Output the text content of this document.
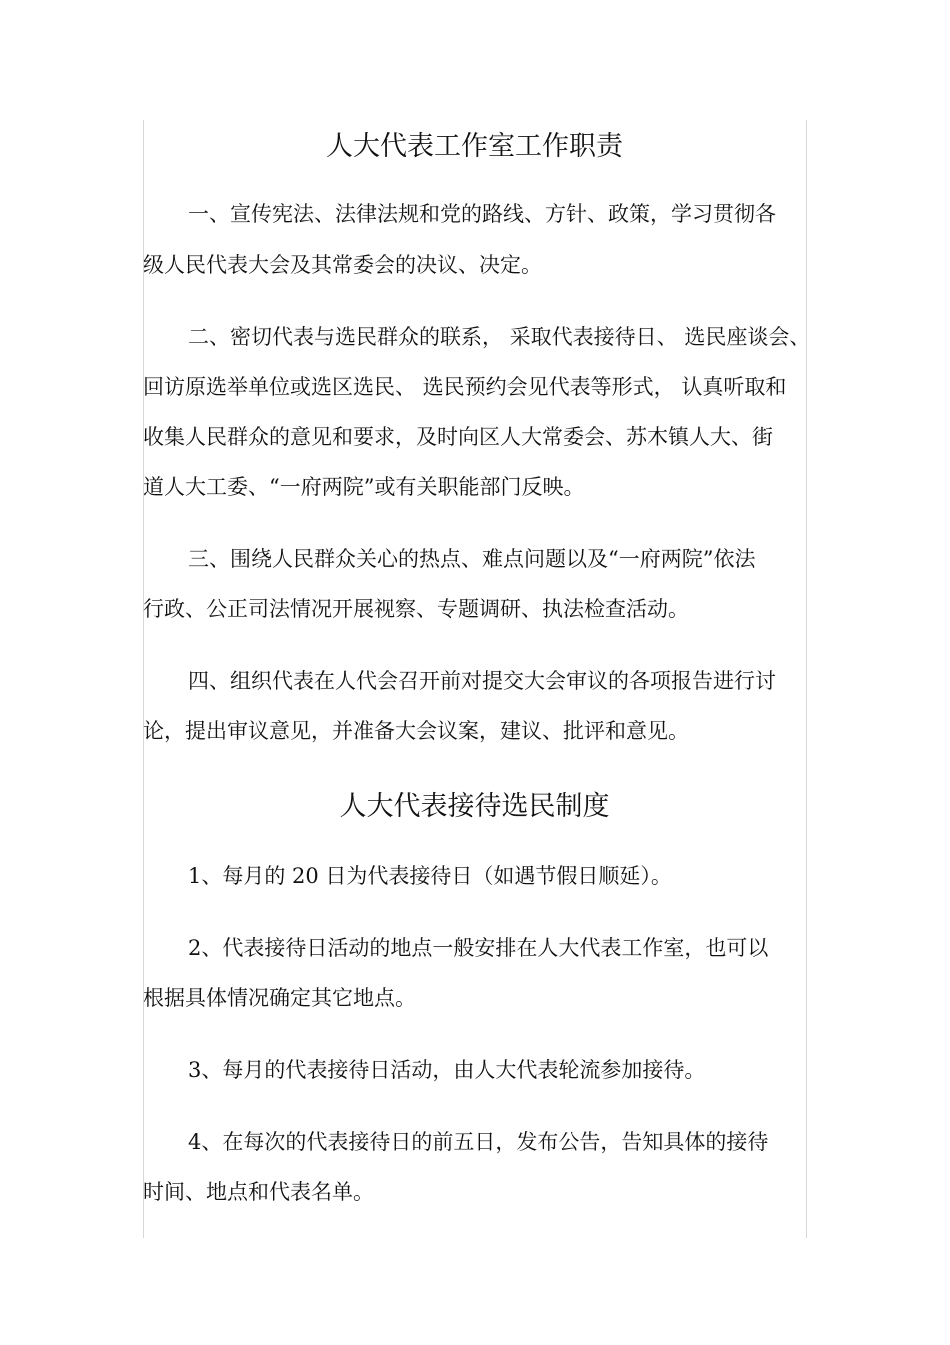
人大代表工作室工作职责

一、宣传宪法、法律法规和党的路线、方针、政策，学习贯彻各

级人民代表大会及其常委会的决议、决定。

二、密切代表与选民群众的联系， 采取代表接待日、 选民座谈会、

回访原选举单位或选区选民、 选民预约会见代表等形式， 认真听取和

收集人民群众的意见和要求，及时向区人大常委会、苏木镇人大、街

道人大工委、“一府两院”或有关职能部门反映。

三、围绕人民群众关心的热点、难点问题以及“一府两院”依法

行政、公正司法情况开展视察、专题调研、执法检查活动。

四、组织代表在人代会召开前对提交大会审议的各项报告进行讨

论，提出审议意见，并准备大会议案，建议、批评和意见。

人大代表接待选民制度

1、每月的 20 日为代表接待日（如遇节假日顺延）。

2、代表接待日活动的地点一般安排在人大代表工作室，也可以

根据具体情况确定其它地点。

3、每月的代表接待日活动，由人大代表轮流参加接待。

4、在每次的代表接待日的前五日，发布公告，告知具体的接待

时间、地点和代表名单。
